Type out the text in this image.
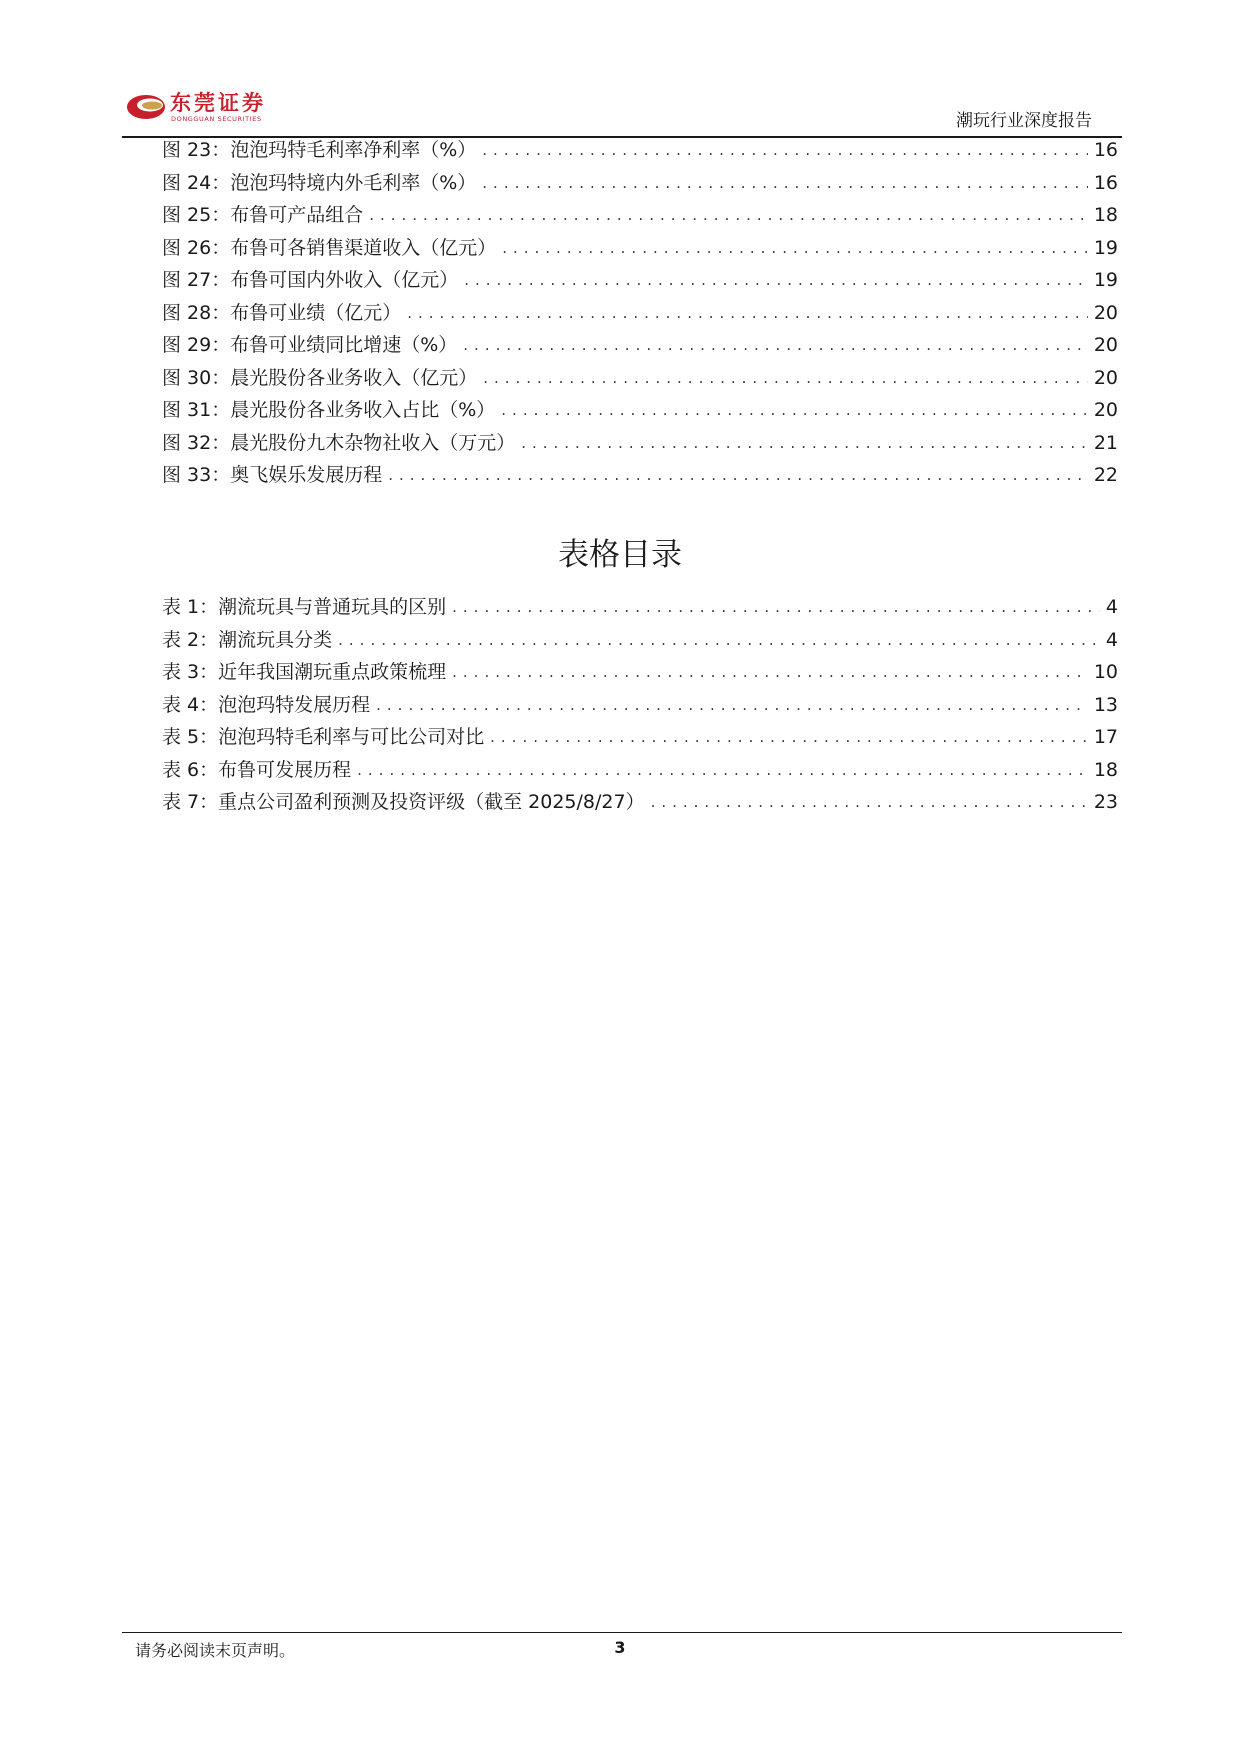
东莞证券
DONGGUAN SECURITIES	潮玩行业深度报告
图 23：泡泡玛特毛利率净利率（%） .....	16
图 24：泡泡玛特境内外毛利率（%） .....	16
图 25：布鲁可产品组合 .....	18
图 26：布鲁可各销售渠道收入（亿元） .....	19
图 27：布鲁可国内外收入（亿元） .....	19
图 28：布鲁可业绩（亿元） .....	20
图 29：布鲁可业绩同比增速（%） .....	20
图 30：晨光股份各业务收入（亿元） .....	20
图 31：晨光股份各业务收入占比（%） .....	20
图 32：晨光股份九木杂物社收入（万元） .....	21
图 33：奥飞娱乐发展历程 .....	22
表格目录
表 1：潮流玩具与普通玩具的区别 .....	4
表 2：潮流玩具分类 .....	4
表 3：近年我国潮玩重点政策梳理 .....	10
表 4：泡泡玛特发展历程 .....	13
表 5：泡泡玛特毛利率与可比公司对比 .....	17
表 6：布鲁可发展历程 .....	18
表 7：重点公司盈利预测及投资评级（截至 2025/8/27） .....	23
请务必阅读末页声明。	3
